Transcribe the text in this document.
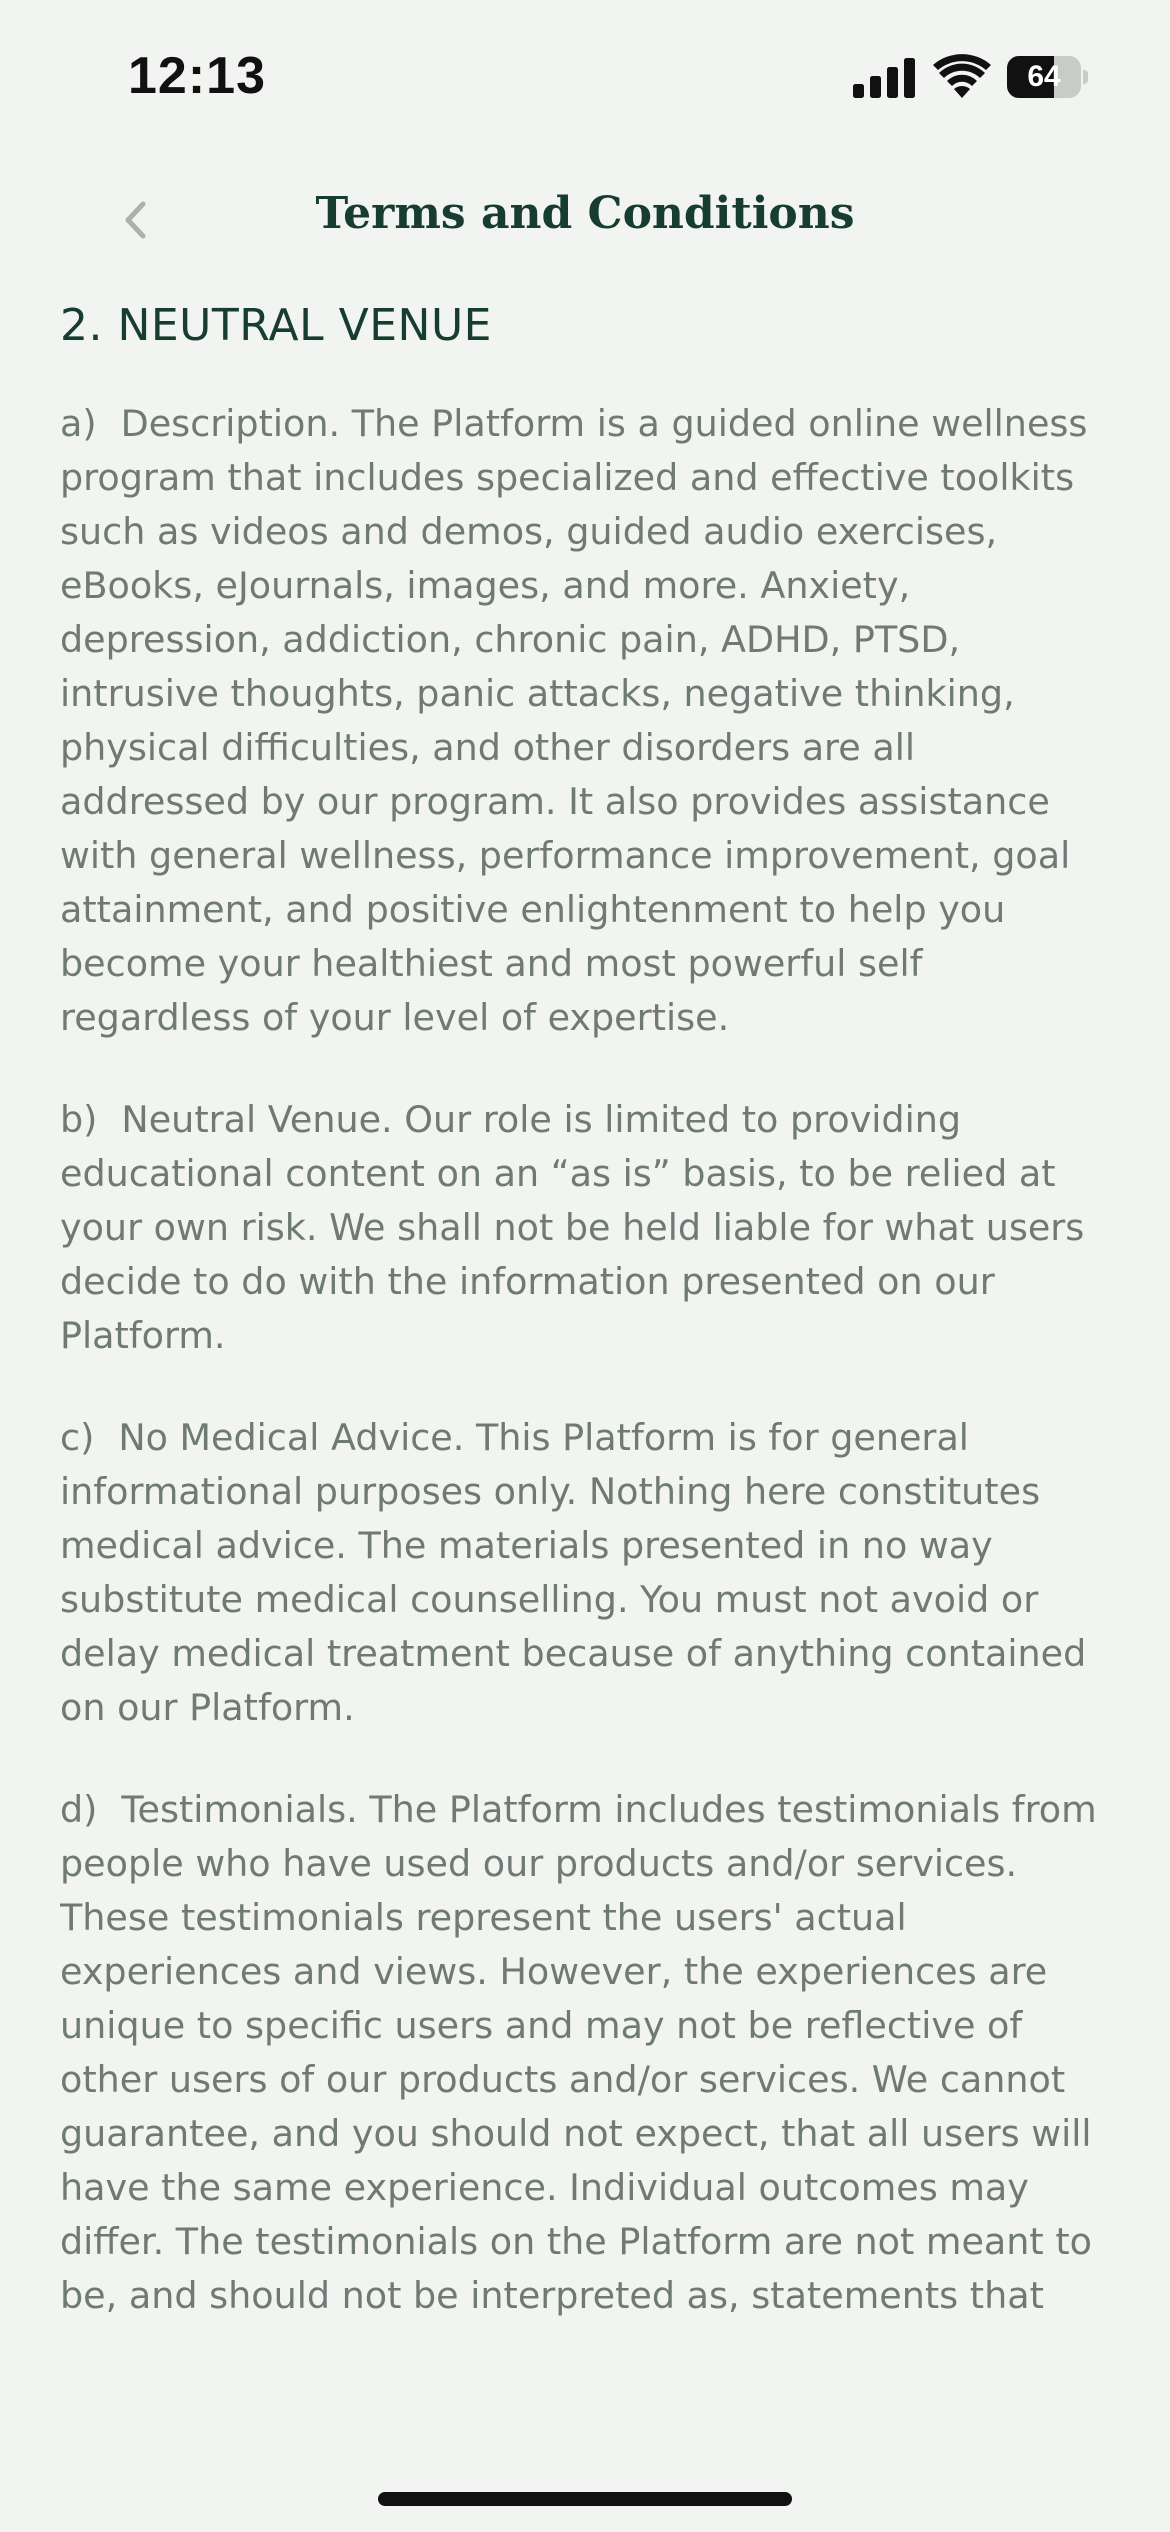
12:13	64
Terms and Conditions
2. NEUTRAL VENUE

a) Description. The Platform is a guided online wellness program that includes specialized and effective toolkits such as videos and demos, guided audio exercises, eBooks, eJournals, images, and more. Anxiety, depression, addiction, chronic pain, ADHD, PTSD, intrusive thoughts, panic attacks, negative thinking, physical difficulties, and other disorders are all addressed by our program. It also provides assistance with general wellness, performance improvement, goal attainment, and positive enlightenment to help you become your healthiest and most powerful self regardless of your level of expertise.

b) Neutral Venue. Our role is limited to providing educational content on an “as is” basis, to be relied at your own risk. We shall not be held liable for what users decide to do with the information presented on our Platform.

c) No Medical Advice. This Platform is for general informational purposes only. Nothing here constitutes medical advice. The materials presented in no way substitute medical counselling. You must not avoid or delay medical treatment because of anything contained on our Platform.

d) Testimonials. The Platform includes testimonials from people who have used our products and/or services. These testimonials represent the users' actual experiences and views. However, the experiences are unique to specific users and may not be reflective of other users of our products and/or services. We cannot guarantee, and you should not expect, that all users will have the same experience. Individual outcomes may differ. The testimonials on the Platform are not meant to be, and should not be interpreted as, statements that
